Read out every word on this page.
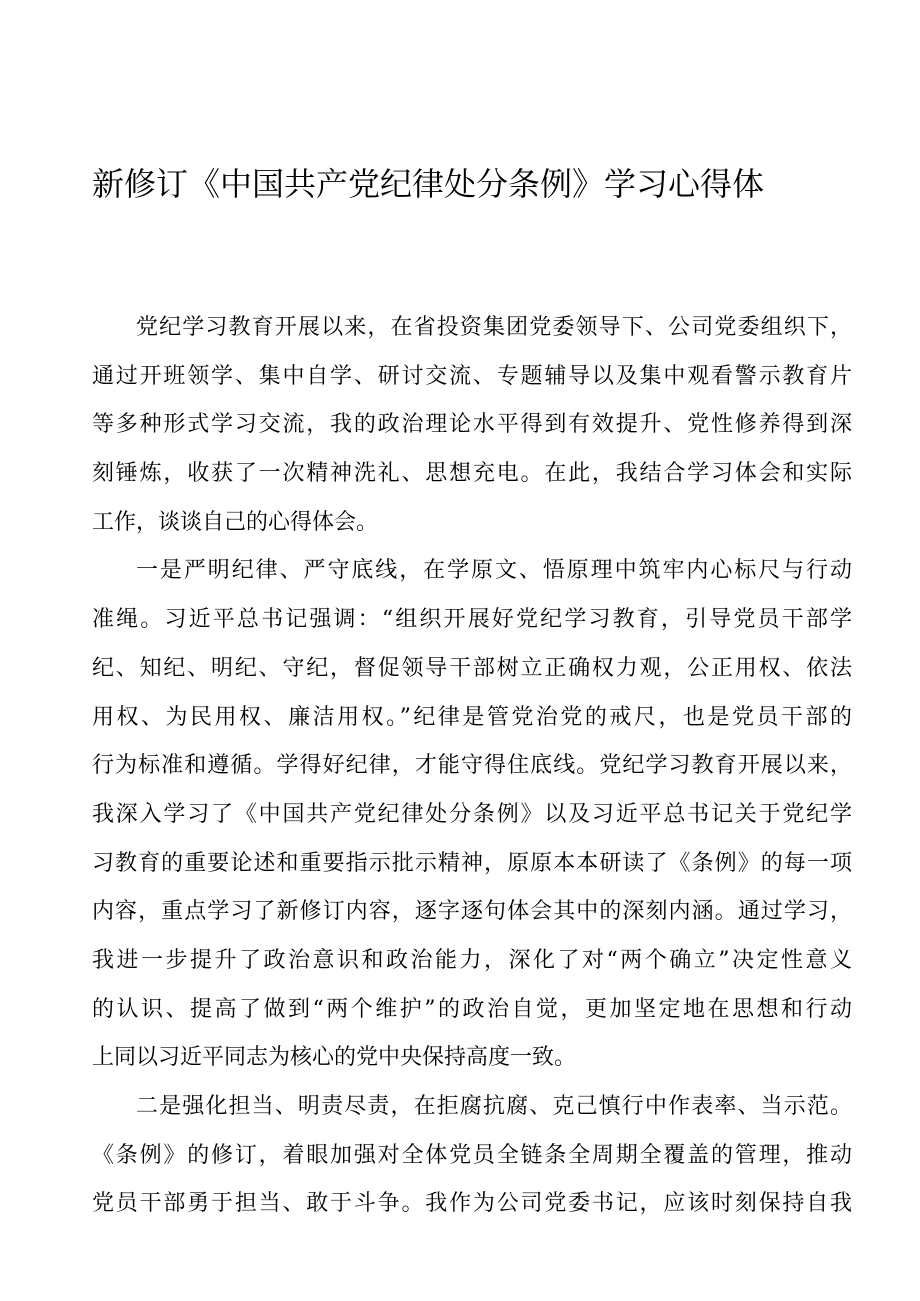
新修订《中国共产党纪律处分条例》学习心得体
党纪学习教育开展以来，在省投资集团党委领导下、公司党委组织下，
通过开班领学、集中自学、研讨交流、专题辅导以及集中观看警示教育片
等多种形式学习交流，我的政治理论水平得到有效提升、党性修养得到深
刻锤炼，收获了一次精神洗礼、思想充电。在此，我结合学习体会和实际
工作，谈谈自己的心得体会。
一是严明纪律、严守底线，在学原文、悟原理中筑牢内心标尺与行动
准绳。习近平总书记强调：“组织开展好党纪学习教育，引导党员干部学
纪、知纪、明纪、守纪，督促领导干部树立正确权力观，公正用权、依法
用权、为民用权、廉洁用权。”纪律是管党治党的戒尺，也是党员干部的
行为标准和遵循。学得好纪律，才能守得住底线。党纪学习教育开展以来，
我深入学习了《中国共产党纪律处分条例》以及习近平总书记关于党纪学
习教育的重要论述和重要指示批示精神，原原本本研读了《条例》的每一项
内容，重点学习了新修订内容，逐字逐句体会其中的深刻内涵。通过学习，
我进一步提升了政治意识和政治能力，深化了对“两个确立”决定性意义
的认识、提高了做到“两个维护”的政治自觉，更加坚定地在思想和行动
上同以习近平同志为核心的党中央保持高度一致。
二是强化担当、明责尽责，在拒腐抗腐、克己慎行中作表率、当示范。
《条例》的修订，着眼加强对全体党员全链条全周期全覆盖的管理，推动
党员干部勇于担当、敢于斗争。我作为公司党委书记，应该时刻保持自我
